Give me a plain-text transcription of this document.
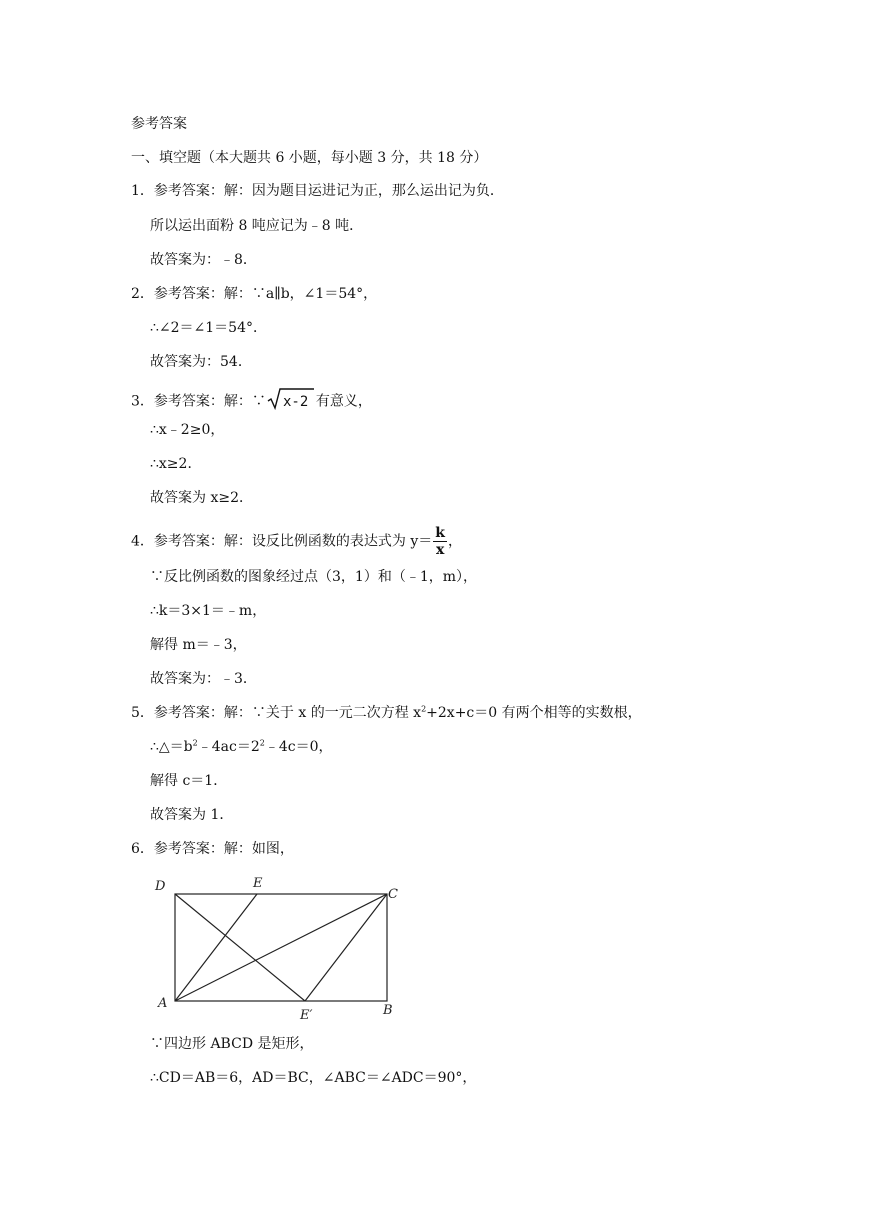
参考答案
一、填空题（本大题共 6 小题，每小题 3 分，共 18 分）
1．参考答案：解：因为题目运进记为正，那么运出记为负．
所以运出面粉 8 吨应记为﹣8 吨．
故答案为：﹣8．
2．参考答案：解：∵a∥b，∠1＝54°，
∴∠2＝∠1＝54°．
故答案为：54．
3．参考答案：解：∵ x-2 有意义，
∴x﹣2≥0，
∴x≥2．
故答案为 x≥2．
4．参考答案：解：设反比例函数的表达式为 $y= \frac{k}{x}$ ，
∵反比例函数的图象经过点（3，1）和（﹣1，m），
∴k＝3×1＝﹣m，
解得 m＝﹣3，
故答案为：﹣3．
5．参考答案：解：∵关于 x 的一元二次方程 $x^2+2x+c=0$ 有两个相等的实数根，
$\therefore\triangle=b^2﹣4ac=2^2﹣4c=0$，
解得 c＝1．
故答案为 1．
6．参考答案：解：如图，
D	E
C
A
E′	B
∵四边形 ABCD 是矩形，
∴CD＝AB＝6，AD＝BC，∠ABC＝∠ADC＝90°，
